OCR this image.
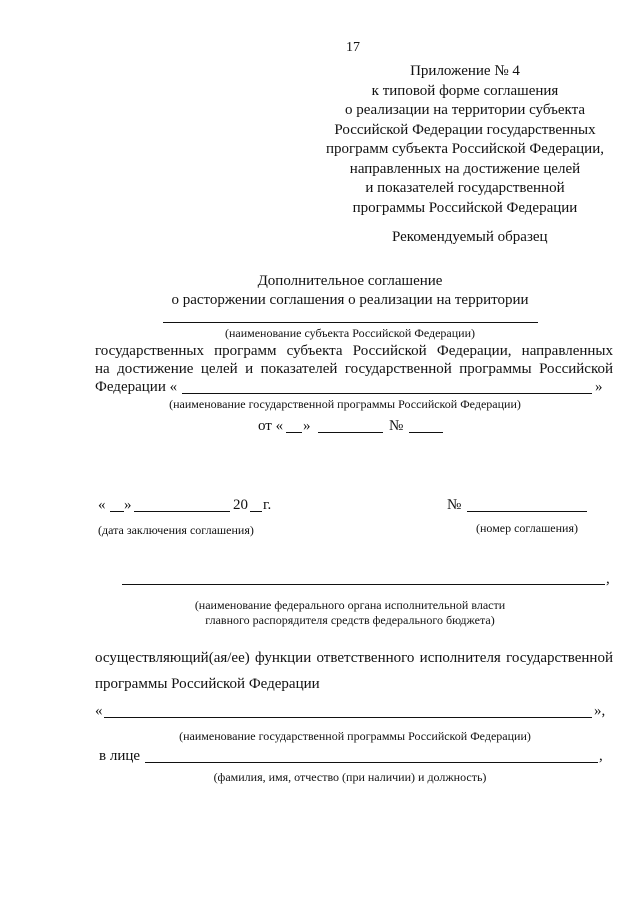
17
Приложение № 4
к типовой форме соглашения
о реализации на территории субъекта
Российской Федерации государственных
программ субъекта Российской Федерации,
направленных на достижение целей
и показателей государственной
программы Российской Федерации
Рекомендуемый образец
Дополнительное соглашение
о расторжении соглашения о реализации на территории
(наименование субъекта Российской Федерации)
государственных программ субъекта Российской Федерации, направленных
на достижение целей и показателей государственной программы Российской
Федерации «	»
(наименование государственной программы Российской Федерации)
от « »	№
« »	20 г.	№
(дата заключения соглашения)	(номер соглашения)
,
(наименование федерального органа исполнительной власти
главного распорядителя средств федерального бюджета)
осуществляющий(ая/ее) функции ответственного исполнителя государственной
программы Российской Федерации
«	»,
(наименование государственной программы Российской Федерации)
в лице	,
(фамилия, имя, отчество (при наличии) и должность)
